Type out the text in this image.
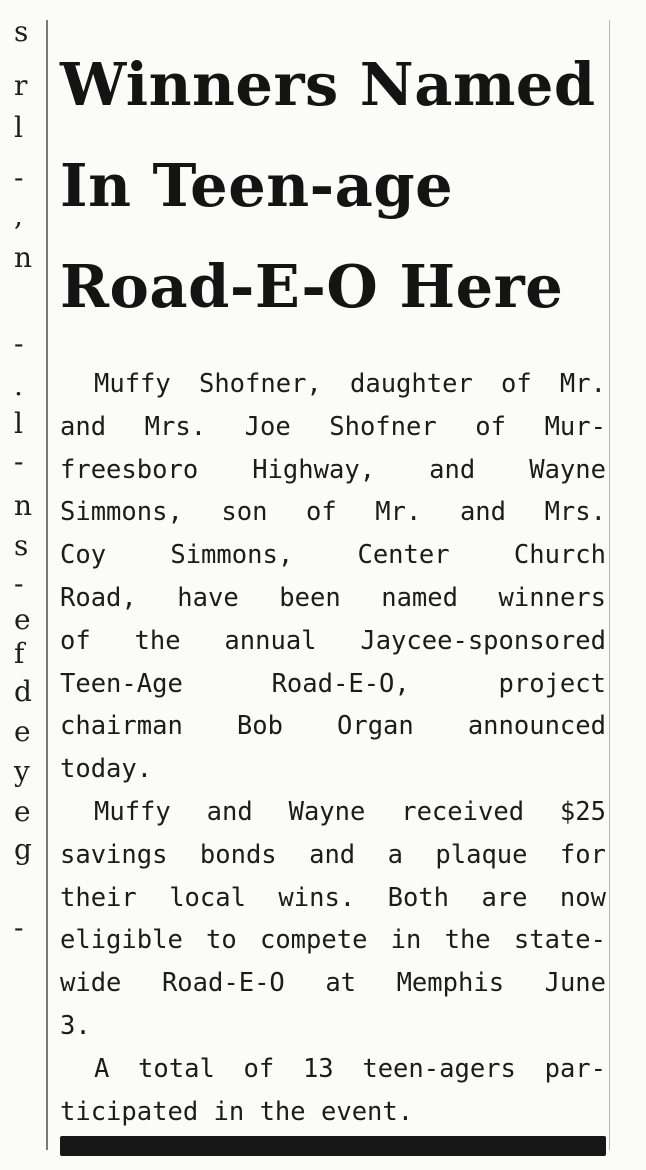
s
r
l
-
,
n
-
.
l
-
n
s
-
e
f
d
e
y
e
g
-
Winners Named
In Teen-age
Road-E-O Here

Muffy Shofner, daughter of Mr.
and Mrs. Joe Shofner of Mur-
freesboro Highway, and Wayne
Simmons, son of Mr. and Mrs.
Coy Simmons, Center Church
Road, have been named winners
of the annual Jaycee-sponsored
Teen-Age Road-E-O, project
chairman Bob Organ announced
today.

Muffy and Wayne received $25
savings bonds and a plaque for
their local wins. Both are now
eligible to compete in the state-
wide Road-E-O at Memphis June
3.

A total of 13 teen-agers par-
ticipated in the event.
